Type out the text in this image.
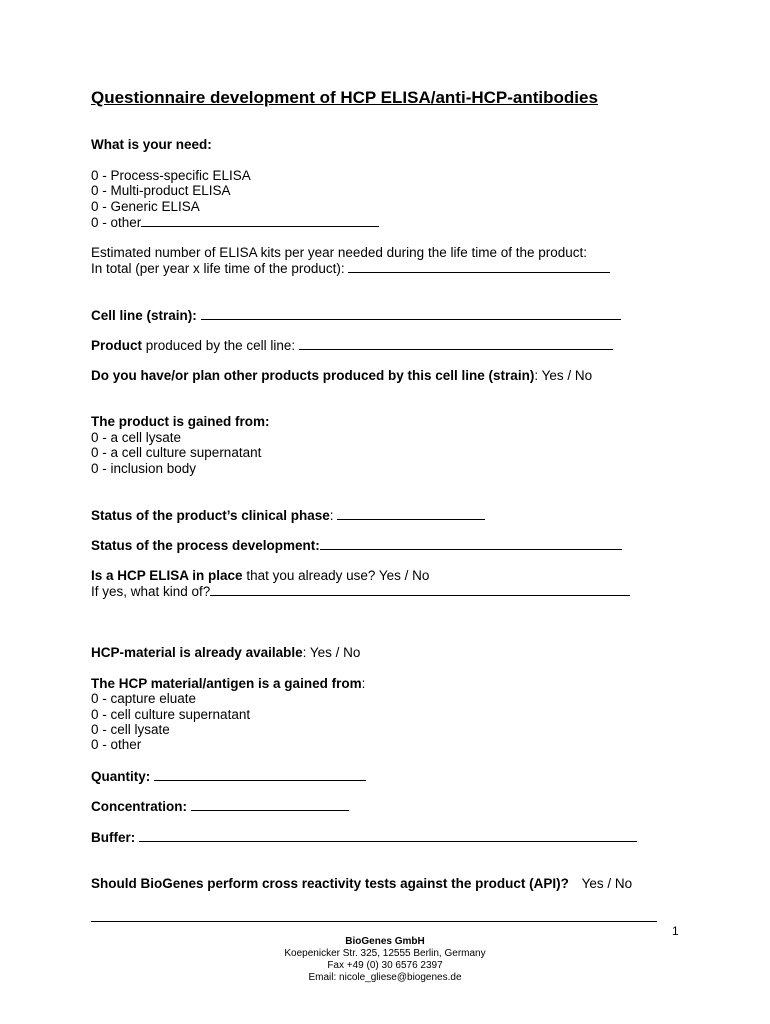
Questionnaire development of HCP ELISA/anti-HCP-antibodies
What is your need:
0 - Process-specific ELISA
0 - Multi-product ELISA
0 - Generic ELISA
0 - other
Estimated number of ELISA kits per year needed during the life time of the product:
In total (per year x life time of the product):
Cell line (strain):
Product produced by the cell line:
Do you have/or plan other products produced by this cell line (strain): Yes / No
The product is gained from:
0 - a cell lysate
0 - a cell culture supernatant
0 - inclusion body
Status of the product’s clinical phase:
Status of the process development:
Is a HCP ELISA in place that you already use? Yes / No
If yes, what kind of?
HCP-material is already available: Yes / No
The HCP material/antigen is a gained from:
0 - capture eluate
0 - cell culture supernatant
0 - cell lysate
0 - other
Quantity:
Concentration:
Buffer:
Should BioGenes perform cross reactivity tests against the product (API)? Yes / No
1
BioGenes GmbH
Koepenicker Str. 325, 12555 Berlin, Germany
Fax +49 (0) 30 6576 2397
Email: nicole_gliese@biogenes.de
